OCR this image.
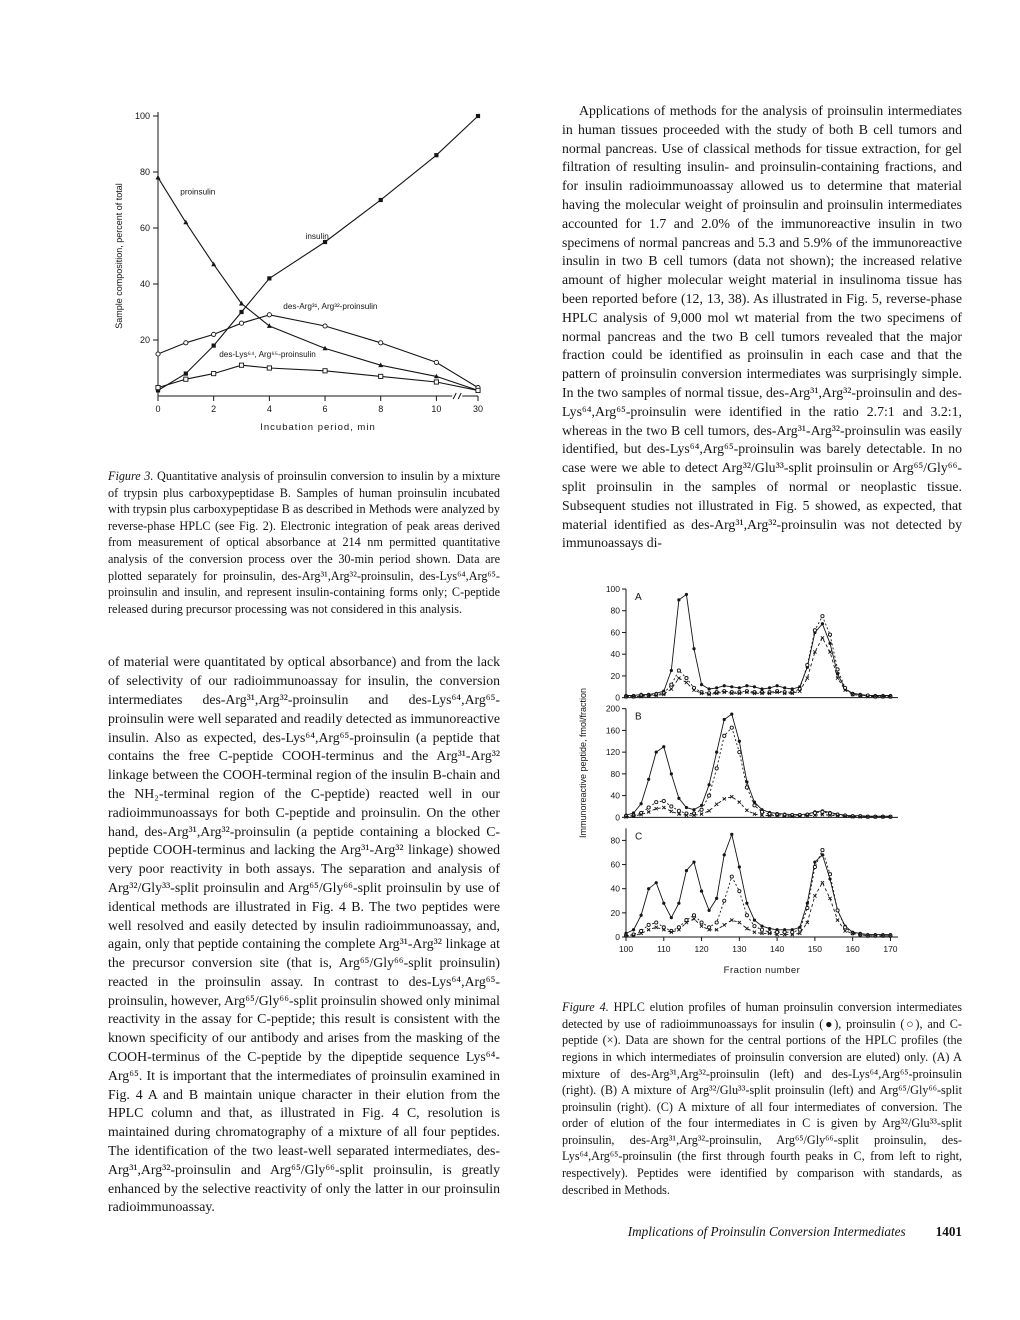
20
40
60
80
100
0	2	4	6	8	10	30
Incubation period, min
Sample composition, percent of total	proinsulin
insulin
des-Arg³¹, Arg³²-proinsulin
des-Lys⁶⁴, Arg⁶⁵-proinsulin
Figure 3. Quantitative analysis of proinsulin conversion to insulin by a mixture of trypsin plus carboxypeptidase B. Samples of human proinsulin incubated with trypsin plus carboxypeptidase B as described in Methods were analyzed by reverse-phase HPLC (see Fig. 2). Electronic integration of peak areas derived from measurement of optical absorbance at 214 nm permitted quantitative analysis of the conversion process over the 30-min period shown. Data are plotted separately for proinsulin, des-Arg³¹,Arg³²-proinsulin, des-Lys⁶⁴,Arg⁶⁵-proinsulin and insulin, and represent insulin-containing forms only; C-peptide released during precursor processing was not considered in this analysis.

of material were quantitated by optical absorbance) and from the lack of selectivity of our radioimmunoassay for insulin, the conversion intermediates des-Arg³¹,Arg³²-proinsulin and des-Lys⁶⁴,Arg⁶⁵-proinsulin were well separated and readily detected as immunoreactive insulin. Also as expected, des-Lys⁶⁴,Arg⁶⁵-proinsulin (a peptide that contains the free C-peptide COOH-terminus and the Arg³¹-Arg³² linkage between the COOH-terminal region of the insulin B-chain and the NH₂-terminal region of the C-peptide) reacted well in our radioimmunoassays for both C-peptide and proinsulin. On the other hand, des-Arg³¹,Arg³²-proinsulin (a peptide containing a blocked C-peptide COOH-terminus and lacking the Arg³¹-Arg³² linkage) showed very poor reactivity in both assays. The separation and analysis of Arg³²/Gly³³-split proinsulin and Arg⁶⁵/Gly⁶⁶-split proinsulin by use of identical methods are illustrated in Fig. 4 B. The two peptides were well resolved and easily detected by insulin radioimmunoassay, and, again, only that peptide containing the complete Arg³¹-Arg³² linkage at the precursor conversion site (that is, Arg⁶⁵/Gly⁶⁶-split proinsulin) reacted in the proinsulin assay. In contrast to des-Lys⁶⁴,Arg⁶⁵-proinsulin, however, Arg⁶⁵/Gly⁶⁶-split proinsulin showed only minimal reactivity in the assay for C-peptide; this result is consistent with the known specificity of our antibody and arises from the masking of the COOH-terminus of the C-peptide by the dipeptide sequence Lys⁶⁴-Arg⁶⁵. It is important that the intermediates of proinsulin examined in Fig. 4 A and B maintain unique character in their elution from the HPLC column and that, as illustrated in Fig. 4 C, resolution is maintained during chromatography of a mixture of all four peptides. The identification of the two least-well separated intermediates, des-Arg³¹,Arg³²-proinsulin and Arg⁶⁵/Gly⁶⁶-split proinsulin, is greatly enhanced by the selective reactivity of only the latter in our proinsulin radioimmunoassay.

Applications of methods for the analysis of proinsulin intermediates in human tissues proceeded with the study of both B cell tumors and normal pancreas. Use of classical methods for tissue extraction, for gel filtration of resulting insulin- and proinsulin-containing fractions, and for insulin radioimmunoassay allowed us to determine that material having the molecular weight of proinsulin and proinsulin intermediates accounted for 1.7 and 2.0% of the immunoreactive insulin in two specimens of normal pancreas and 5.3 and 5.9% of the immunoreactive insulin in two B cell tumors (data not shown); the increased relative amount of higher molecular weight material in insulinoma tissue has been reported before (12, 13, 38). As illustrated in Fig. 5, reverse-phase HPLC analysis of 9,000 mol wt material from the two specimens of normal pancreas and the two B cell tumors revealed that the major fraction could be identified as proinsulin in each case and that the pattern of proinsulin conversion intermediates was surprisingly simple. In the two samples of normal tissue, des-Arg³¹,Arg³²-proinsulin and des-Lys⁶⁴,Arg⁶⁵-proinsulin were identified in the ratio 2.7:1 and 3.2:1, whereas in the two B cell tumors, des-Arg³¹-Arg³²-proinsulin was easily identified, but des-Lys⁶⁴,Arg⁶⁵-proinsulin was barely detectable. In no case were we able to detect Arg³²/Glu³³-split proinsulin or Arg⁶⁵/Gly⁶⁶-split proinsulin in the samples of normal or neoplastic tissue. Subsequent studies not illustrated in Fig. 5 showed, as expected, that material identified as des-Arg³¹,Arg³²-proinsulin was not detected by immunoassays di-

0
20
40
60
80
100
A
0
40
80
120
160
200
B
0
20
40
60
80 C
100	110	120	130	140	150	160	170
Fraction number
Immunoreactive peptide, fmol/fraction
Figure 4. HPLC elution profiles of human proinsulin conversion intermediates detected by use of radioimmunoassays for insulin (●), proinsulin (○), and C-peptide (×). Data are shown for the central portions of the HPLC profiles (the regions in which intermediates of proinsulin conversion are eluted) only. (A) A mixture of des-Arg³¹,Arg³²-proinsulin (left) and des-Lys⁶⁴,Arg⁶⁵-proinsulin (right). (B) A mixture of Arg³²/Glu³³-split proinsulin (left) and Arg⁶⁵/Gly⁶⁶-split proinsulin (right). (C) A mixture of all four intermediates of conversion. The order of elution of the four intermediates in C is given by Arg³²/Glu³³-split proinsulin, des-Arg³¹,Arg³²-proinsulin, Arg⁶⁵/Gly⁶⁶-split proinsulin, des-Lys⁶⁴,Arg⁶⁵-proinsulin (the first through fourth peaks in C, from left to right, respectively). Peptides were identified by comparison with standards, as described in Methods.
Implications of Proinsulin Conversion Intermediates 1401
